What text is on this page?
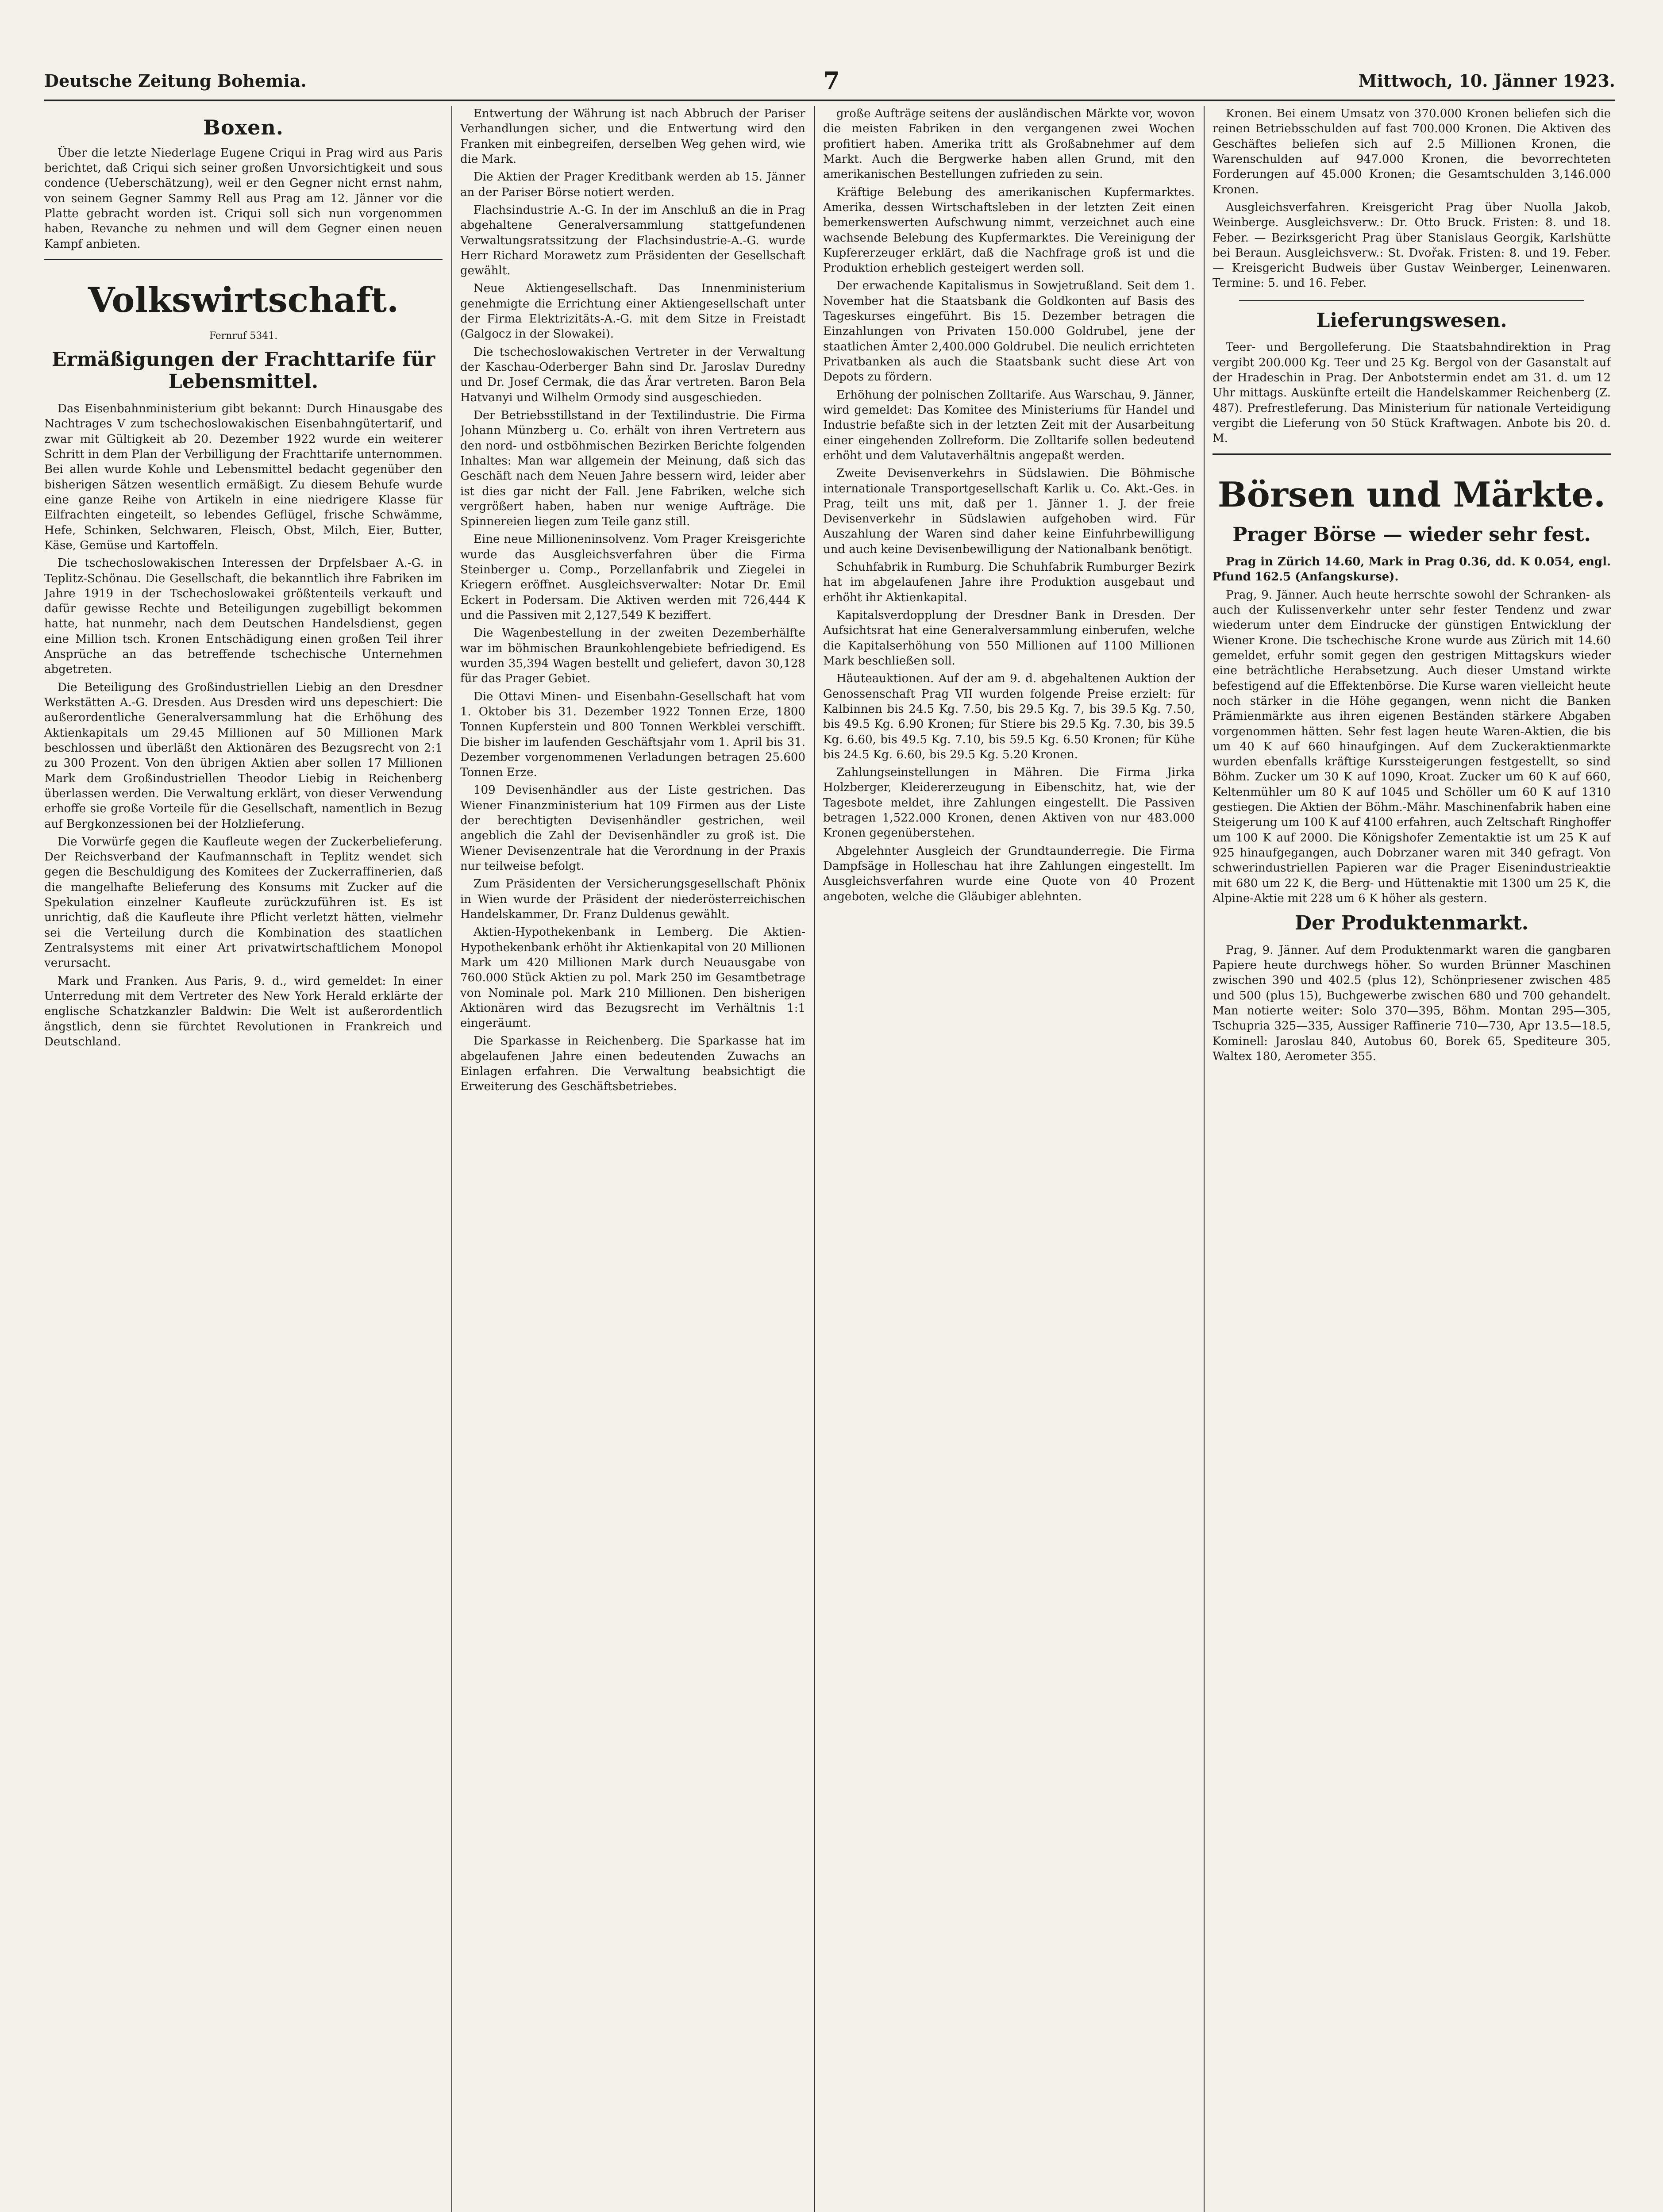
Deutsche Zeitung Bohemia.	7	Mittwoch, 10. Jänner 1923.
Boxen.

Über die letzte Niederlage Eugene Criqui in Prag wird aus Paris berichtet, daß Criqui sich seiner großen Unvorsichtigkeit und sous condence (Ueberschätzung), weil er den Gegner nicht ernst nahm, von seinem Gegner Sammy Rell aus Prag am 12. Jänner vor die Platte gebracht worden ist. Criqui soll sich nun vorgenommen haben, Revanche zu nehmen und will dem Gegner einen neuen Kampf anbieten.

Volkswirtschaft.
Fernruf 5341.
Ermäßigungen der Frachttarife für Lebensmittel.

Das Eisenbahnministerium gibt bekannt: Durch Hinausgabe des Nachtrages V zum tschechoslowakischen Eisenbahngütertarif, und zwar mit Gültigkeit ab 20. Dezember 1922 wurde ein weiterer Schritt in dem Plan der Verbilligung der Frachttarife unternommen. Bei allen wurde Kohle und Lebensmittel bedacht gegenüber den bisherigen Sätzen wesentlich ermäßigt. Zu diesem Behufe wurde eine ganze Reihe von Artikeln in eine niedrigere Klasse für Eilfrachten eingeteilt, so lebendes Geflügel, frische Schwämme, Hefe, Schinken, Selchwaren, Fleisch, Obst, Milch, Eier, Butter, Käse, Gemüse und Kartoffeln.

Die tschechoslowakischen Interessen der Drpfelsbaer A.-G. in Teplitz-Schönau. Die Gesellschaft, die bekanntlich ihre Fabriken im Jahre 1919 in der Tschechoslowakei größtenteils verkauft und dafür gewisse Rechte und Beteiligungen zugebilligt bekommen hatte, hat nunmehr, nach dem Deutschen Handelsdienst, gegen eine Million tsch. Kronen Entschädigung einen großen Teil ihrer Ansprüche an das betreffende tschechische Unternehmen abgetreten.

Die Beteiligung des Großindustriellen Liebig an den Dresdner Werkstätten A.-G. Dresden. Aus Dresden wird uns depeschiert: Die außerordentliche Generalversammlung hat die Erhöhung des Aktienkapitals um 29.45 Millionen auf 50 Millionen Mark beschlossen und überläßt den Aktionären des Bezugsrecht von 2:1 zu 300 Prozent. Von den übrigen Aktien aber sollen 17 Millionen Mark dem Großindustriellen Theodor Liebig in Reichenberg überlassen werden. Die Verwaltung erklärt, von dieser Verwendung erhoffe sie große Vorteile für die Gesellschaft, namentlich in Bezug auf Bergkonzessionen bei der Holzlieferung.

Die Vorwürfe gegen die Kaufleute wegen der Zuckerbelieferung. Der Reichsverband der Kaufmannschaft in Teplitz wendet sich gegen die Beschuldigung des Komitees der Zuckerraffinerien, daß die mangelhafte Belieferung des Konsums mit Zucker auf die Spekulation einzelner Kaufleute zurückzuführen ist. Es ist unrichtig, daß die Kaufleute ihre Pflicht verletzt hätten, vielmehr sei die Verteilung durch die Kombination des staatlichen Zentralsystems mit einer Art privatwirtschaftlichem Monopol verursacht.

Mark und Franken. Aus Paris, 9. d., wird gemeldet: In einer Unterredung mit dem Vertreter des New York Herald erklärte der englische Schatzkanzler Baldwin: Die Welt ist außerordentlich ängstlich, denn sie fürchtet Revolutionen in Frankreich und Deutschland.

Entwertung der Währung ist nach Abbruch der Pariser Verhandlungen sicher, und die Entwertung wird den Franken mit einbegreifen, derselben Weg gehen wird, wie die Mark.

Die Aktien der Prager Kreditbank werden ab 15. Jänner an der Pariser Börse notiert werden.

Flachsindustrie A.-G. In der im Anschluß an die in Prag abgehaltene Generalversammlung stattgefundenen Verwaltungsratssitzung der Flachsindustrie-A.-G. wurde Herr Richard Morawetz zum Präsidenten der Gesellschaft gewählt.

Neue Aktiengesellschaft. Das Innenministerium genehmigte die Errichtung einer Aktiengesellschaft unter der Firma Elektrizitäts-A.-G. mit dem Sitze in Freistadt (Galgocz in der Slowakei).

Die tschechoslowakischen Vertreter in der Verwaltung der Kaschau-Oderberger Bahn sind Dr. Jaroslav Duredny und Dr. Josef Cermak, die das Ärar vertreten. Baron Bela Hatvanyi und Wilhelm Ormody sind ausgeschieden.

Der Betriebsstillstand in der Textilindustrie. Die Firma Johann Münzberg u. Co. erhält von ihren Vertretern aus den nord- und ostböhmischen Bezirken Berichte folgenden Inhaltes: Man war allgemein der Meinung, daß sich das Geschäft nach dem Neuen Jahre bessern wird, leider aber ist dies gar nicht der Fall. Jene Fabriken, welche sich vergrößert haben, haben nur wenige Aufträge. Die Spinnereien liegen zum Teile ganz still.

Eine neue Millioneninsolvenz. Vom Prager Kreisgerichte wurde das Ausgleichsverfahren über die Firma Steinberger u. Comp., Porzellanfabrik und Ziegelei in Kriegern eröffnet. Ausgleichsverwalter: Notar Dr. Emil Eckert in Podersam. Die Aktiven werden mit 726,444 K und die Passiven mit 2,127,549 K beziffert.

Die Wagenbestellung in der zweiten Dezemberhälfte war im böhmischen Braunkohlengebiete befriedigend. Es wurden 35,394 Wagen bestellt und geliefert, davon 30,128 für das Prager Gebiet.

Die Ottavi Minen- und Eisenbahn-Gesellschaft hat vom 1. Oktober bis 31. Dezember 1922 Tonnen Erze, 1800 Tonnen Kupferstein und 800 Tonnen Werkblei verschifft. Die bisher im laufenden Geschäftsjahr vom 1. April bis 31. Dezember vorgenommenen Verladungen betragen 25.600 Tonnen Erze.

109 Devisenhändler aus der Liste gestrichen. Das Wiener Finanzministerium hat 109 Firmen aus der Liste der berechtigten Devisenhändler gestrichen, weil angeblich die Zahl der Devisenhändler zu groß ist. Die Wiener Devisenzentrale hat die Verordnung in der Praxis nur teilweise befolgt.

Zum Präsidenten der Versicherungsgesellschaft Phönix in Wien wurde der Präsident der niederösterreichischen Handelskammer, Dr. Franz Duldenus gewählt.

Aktien-Hypothekenbank in Lemberg. Die Aktien-Hypothekenbank erhöht ihr Aktienkapital von 20 Millionen Mark um 420 Millionen Mark durch Neuausgabe von 760.000 Stück Aktien zu pol. Mark 250 im Gesamtbetrage von Nominale pol. Mark 210 Millionen. Den bisherigen Aktionären wird das Bezugsrecht im Verhältnis 1:1 eingeräumt.

Die Sparkasse in Reichenberg. Die Sparkasse hat im abgelaufenen Jahre einen bedeutenden Zuwachs an Einlagen erfahren. Die Verwaltung beabsichtigt die Erweiterung des Geschäftsbetriebes.

große Aufträge seitens der ausländischen Märkte vor, wovon die meisten Fabriken in den vergangenen zwei Wochen profitiert haben. Amerika tritt als Großabnehmer auf dem Markt. Auch die Bergwerke haben allen Grund, mit den amerikanischen Bestellungen zufrieden zu sein.

Kräftige Belebung des amerikanischen Kupfermarktes. Amerika, dessen Wirtschaftsleben in der letzten Zeit einen bemerkenswerten Aufschwung nimmt, verzeichnet auch eine wachsende Belebung des Kupfermarktes. Die Vereinigung der Kupfererzeuger erklärt, daß die Nachfrage groß ist und die Produktion erheblich gesteigert werden soll.

Der erwachende Kapitalismus in Sowjetrußland. Seit dem 1. November hat die Staatsbank die Goldkonten auf Basis des Tageskurses eingeführt. Bis 15. Dezember betragen die Einzahlungen von Privaten 150.000 Goldrubel, jene der staatlichen Ämter 2,400.000 Goldrubel. Die neulich errichteten Privatbanken als auch die Staatsbank sucht diese Art von Depots zu fördern.

Erhöhung der polnischen Zolltarife. Aus Warschau, 9. Jänner, wird gemeldet: Das Komitee des Ministeriums für Handel und Industrie befaßte sich in der letzten Zeit mit der Ausarbeitung einer eingehenden Zollreform. Die Zolltarife sollen bedeutend erhöht und dem Valutaverhältnis angepaßt werden.

Zweite Devisenverkehrs in Südslawien. Die Böhmische internationale Transportgesellschaft Karlik u. Co. Akt.-Ges. in Prag, teilt uns mit, daß per 1. Jänner 1. J. der freie Devisenverkehr in Südslawien aufgehoben wird. Für Auszahlung der Waren sind daher keine Einfuhrbewilligung und auch keine Devisenbewilligung der Nationalbank benötigt.

Schuhfabrik in Rumburg. Die Schuhfabrik Rumburger Bezirk hat im abgelaufenen Jahre ihre Produktion ausgebaut und erhöht ihr Aktienkapital.

Kapitalsverdopplung der Dresdner Bank in Dresden. Der Aufsichtsrat hat eine Generalversammlung einberufen, welche die Kapitalserhöhung von 550 Millionen auf 1100 Millionen Mark beschließen soll.

Häuteauktionen. Auf der am 9. d. abgehaltenen Auktion der Genossenschaft Prag VII wurden folgende Preise erzielt: für Kalbinnen bis 24.5 Kg. 7.50, bis 29.5 Kg. 7, bis 39.5 Kg. 7.50, bis 49.5 Kg. 6.90 Kronen; für Stiere bis 29.5 Kg. 7.30, bis 39.5 Kg. 6.60, bis 49.5 Kg. 7.10, bis 59.5 Kg. 6.50 Kronen; für Kühe bis 24.5 Kg. 6.60, bis 29.5 Kg. 5.20 Kronen.

Zahlungseinstellungen in Mähren. Die Firma Jirka Holzberger, Kleidererzeugung in Eibenschitz, hat, wie der Tagesbote meldet, ihre Zahlungen eingestellt. Die Passiven betragen 1,522.000 Kronen, denen Aktiven von nur 483.000 Kronen gegenüberstehen.

Abgelehnter Ausgleich der Grundtaunderregie. Die Firma Dampfsäge in Holleschau hat ihre Zahlungen eingestellt. Im Ausgleichsverfahren wurde eine Quote von 40 Prozent angeboten, welche die Gläubiger ablehnten.

Kronen. Bei einem Umsatz von 370.000 Kronen beliefen sich die reinen Betriebsschulden auf fast 700.000 Kronen. Die Aktiven des Geschäftes beliefen sich auf 2.5 Millionen Kronen, die Warenschulden auf 947.000 Kronen, die bevorrechteten Forderungen auf 45.000 Kronen; die Gesamtschulden 3,146.000 Kronen.

Ausgleichsverfahren. Kreisgericht Prag über Nuolla Jakob, Weinberge. Ausgleichsverw.: Dr. Otto Bruck. Fristen: 8. und 18. Feber. — Bezirksgericht Prag über Stanislaus Georgik, Karlshütte bei Beraun. Ausgleichsverw.: St. Dvořak. Fristen: 8. und 19. Feber. — Kreisgericht Budweis über Gustav Weinberger, Leinenwaren. Termine: 5. und 16. Feber.

Lieferungswesen.

Teer- und Bergolleferung. Die Staatsbahndirektion in Prag vergibt 200.000 Kg. Teer und 25 Kg. Bergol von der Gasanstalt auf der Hradeschin in Prag. Der Anbotstermin endet am 31. d. um 12 Uhr mittags. Auskünfte erteilt die Handelskammer Reichenberg (Z. 487). Prefrestleferung. Das Ministerium für nationale Verteidigung vergibt die Lieferung von 50 Stück Kraftwagen. Anbote bis 20. d. M.

Börsen und Märkte.
Prager Börse — wieder sehr fest.

Prag in Zürich 14.60, Mark in Prag 0.36, dd. K 0.054, engl. Pfund 162.5 (Anfangskurse).

Prag, 9. Jänner. Auch heute herrschte sowohl der Schranken- als auch der Kulissenverkehr unter sehr fester Tendenz und zwar wiederum unter dem Eindrucke der günstigen Entwicklung der Wiener Krone. Die tschechische Krone wurde aus Zürich mit 14.60 gemeldet, erfuhr somit gegen den gestrigen Mittagskurs wieder eine beträchtliche Herabsetzung. Auch dieser Umstand wirkte befestigend auf die Effektenbörse. Die Kurse waren vielleicht heute noch stärker in die Höhe gegangen, wenn nicht die Banken Prämienmärkte aus ihren eigenen Beständen stärkere Abgaben vorgenommen hätten. Sehr fest lagen heute Waren-Aktien, die bis um 40 K auf 660 hinaufgingen. Auf dem Zuckeraktienmarkte wurden ebenfalls kräftige Kurssteigerungen festgestellt, so sind Böhm. Zucker um 30 K auf 1090, Kroat. Zucker um 60 K auf 660, Keltenmühler um 80 K auf 1045 und Schöller um 60 K auf 1310 gestiegen. Die Aktien der Böhm.-Mähr. Maschinenfabrik haben eine Steigerung um 100 K auf 4100 erfahren, auch Zeltschaft Ringhoffer um 100 K auf 2000. Die Königshofer Zementaktie ist um 25 K auf 925 hinaufgegangen, auch Dobrzaner waren mit 340 gefragt. Von schwerindustriellen Papieren war die Prager Eisenindustrieaktie mit 680 um 22 K, die Berg- und Hüttenaktie mit 1300 um 25 K, die Alpine-Aktie mit 228 um 6 K höher als gestern.

Der Produktenmarkt.

Prag, 9. Jänner. Auf dem Produktenmarkt waren die gangbaren Papiere heute durchwegs höher. So wurden Brünner Maschinen zwischen 390 und 402.5 (plus 12), Schönpriesener zwischen 485 und 500 (plus 15), Buchgewerbe zwischen 680 und 700 gehandelt. Man notierte weiter: Solo 370—395, Böhm. Montan 295—305, Tschupria 325—335, Aussiger Raffinerie 710—730, Apr 13.5—18.5, Kominell: Jaroslau 840, Autobus 60, Borek 65, Spediteure 305, Waltex 180, Aerometer 355.
